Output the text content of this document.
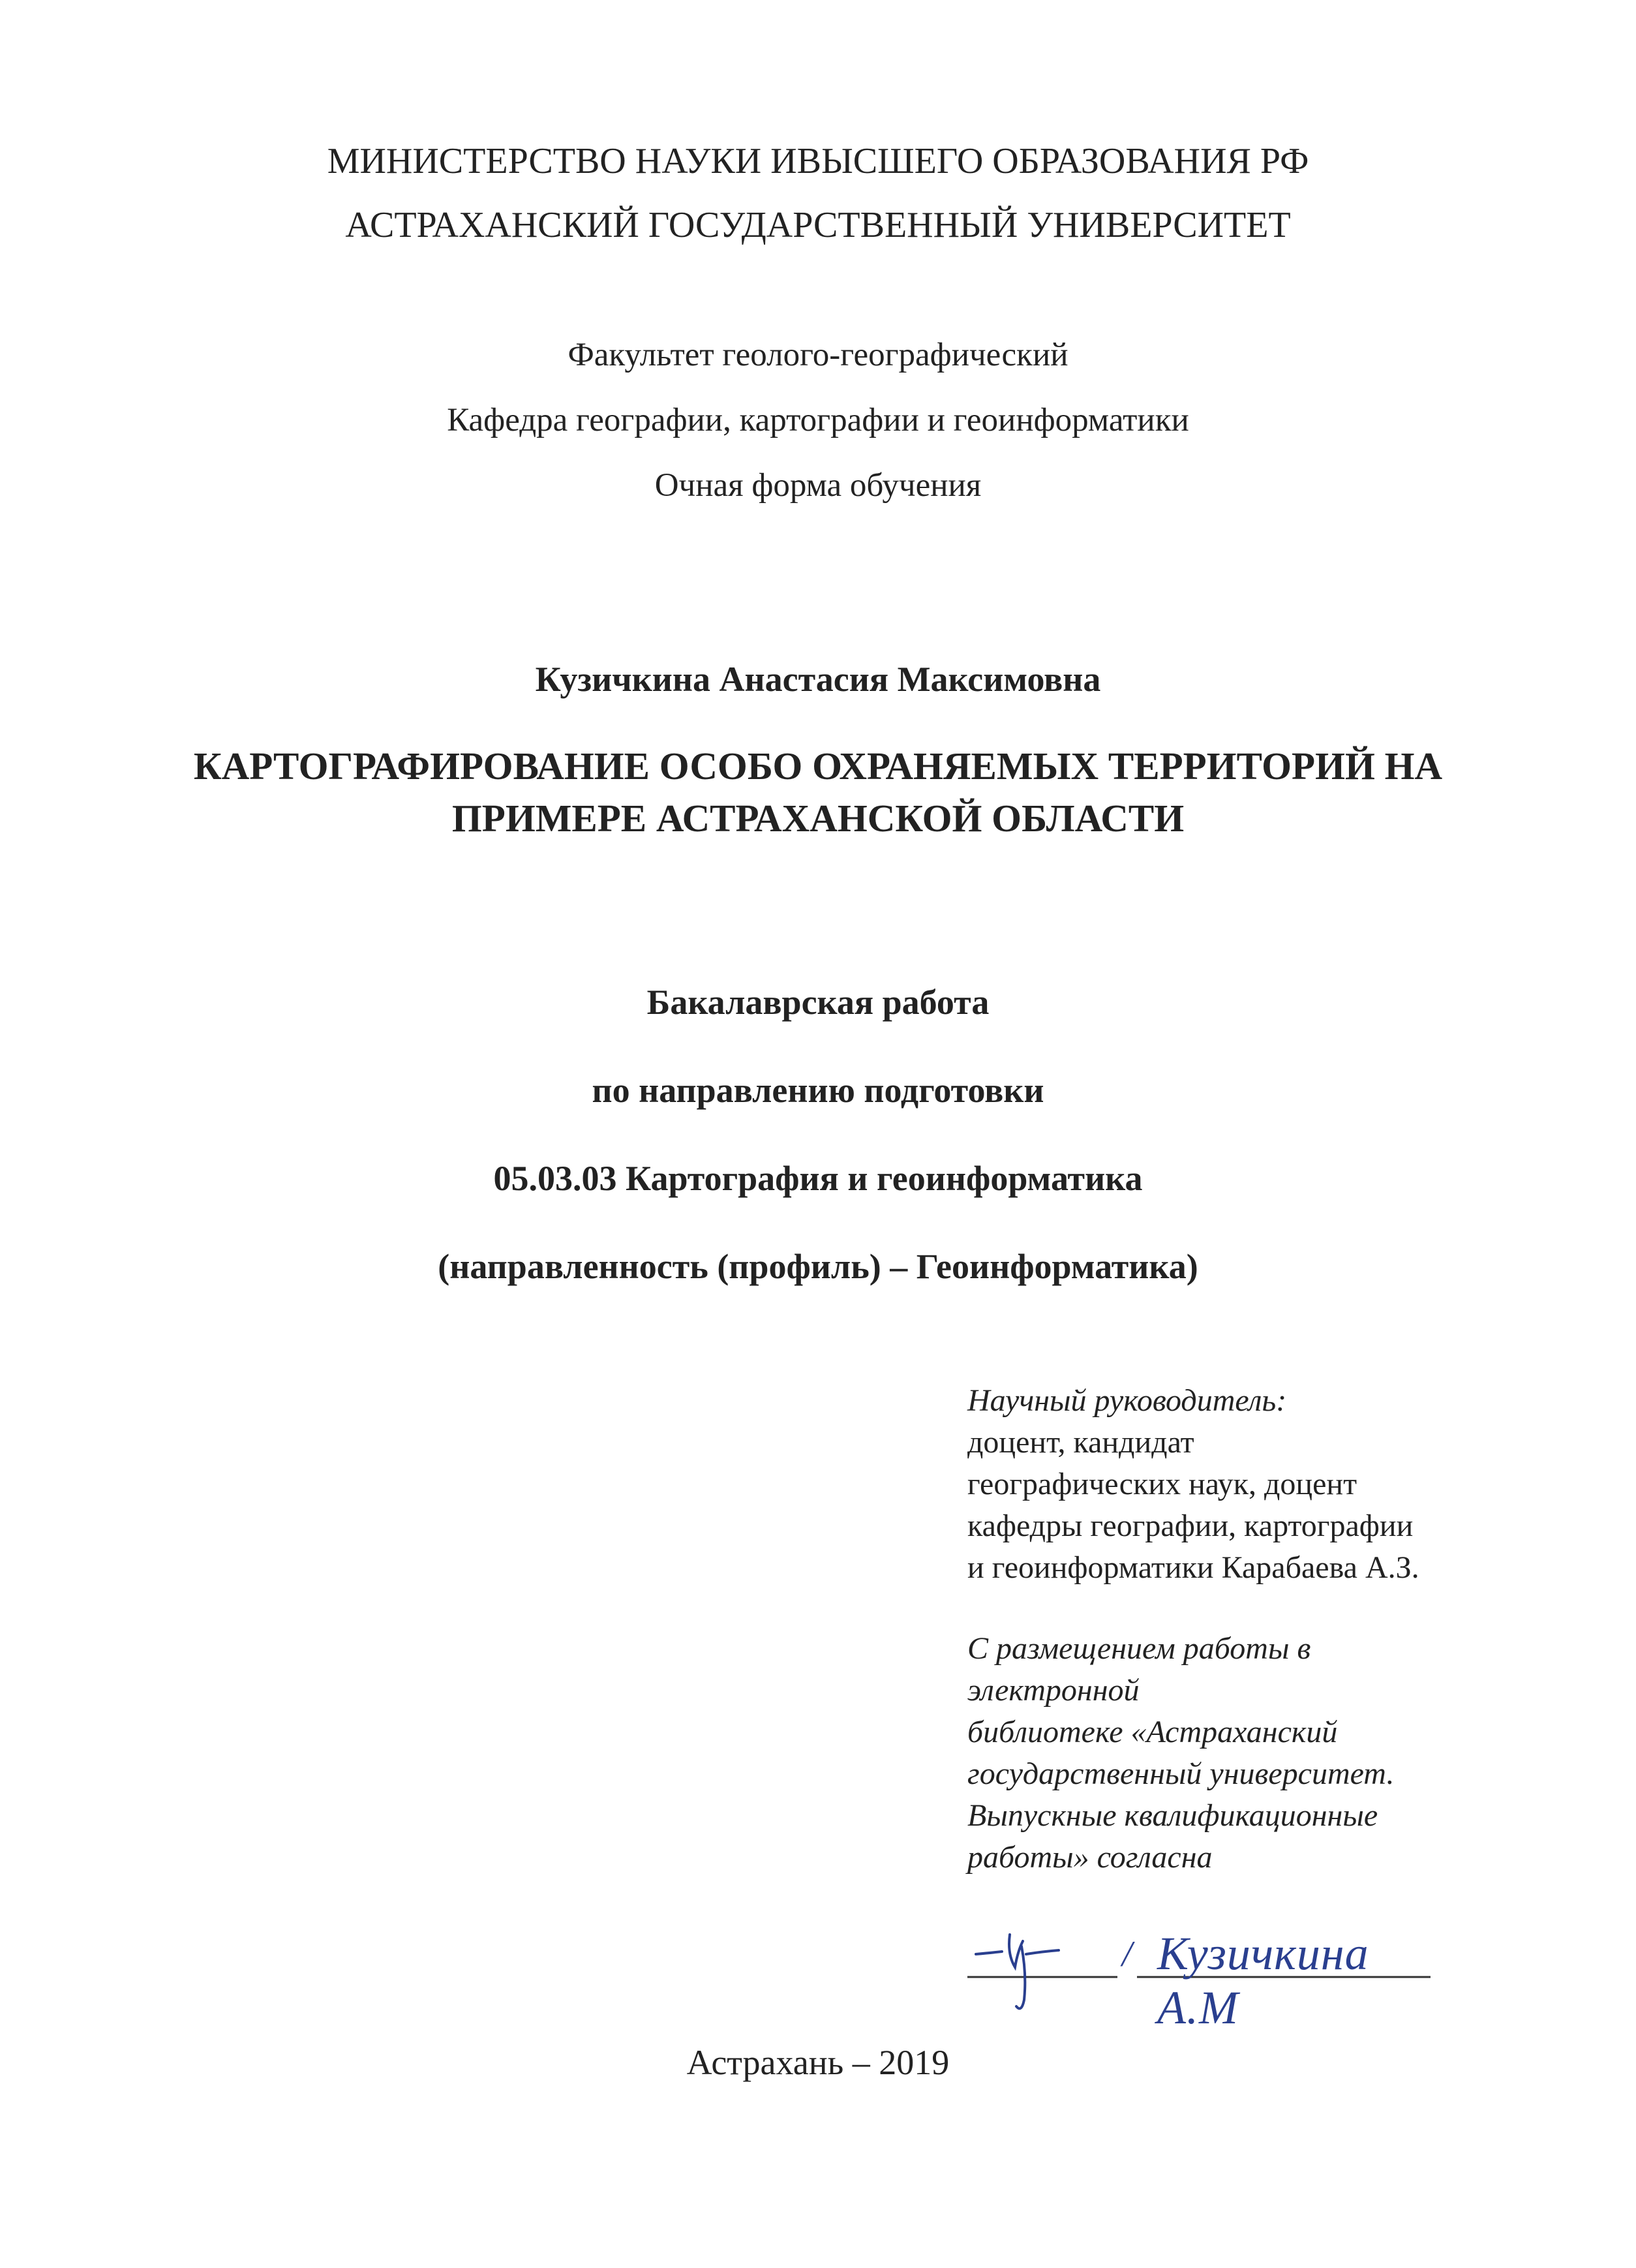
МИНИСТЕРСТВО НАУКИ ИВЫСШЕГО ОБРАЗОВАНИЯ РФ
АСТРАХАНСКИЙ ГОСУДАРСТВЕННЫЙ УНИВЕРСИТЕТ
Факультет геолого-географический
Кафедра географии, картографии и геоинформатики
Очная форма обучения
Кузичкина Анастасия Максимовна
КАРТОГРАФИРОВАНИЕ ОСОБО ОХРАНЯЕМЫХ ТЕРРИТОРИЙ НА
ПРИМЕРЕ АСТРАХАНСКОЙ ОБЛАСТИ
Бакалаврская работа
по направлению подготовки
05.03.03 Картография и геоинформатика
(направленность (профиль) – Геоинформатика)
Научный руководитель:
доцент, кандидат
географических наук, доцент
кафедры географии, картографии
и геоинформатики Карабаева А.З.
С размещением работы в
электронной
библиотеке «Астраханский
государственный университет.
Выпускные квалификационные
работы» согласна
/ Кузичкина А.М
Астрахань – 2019
